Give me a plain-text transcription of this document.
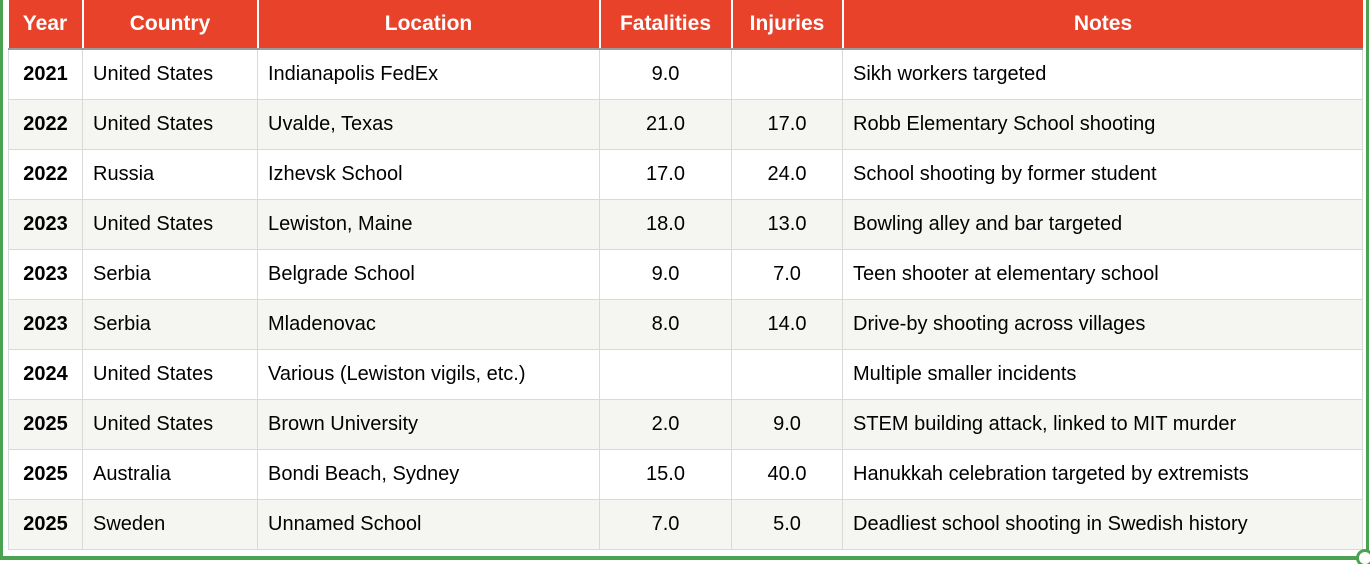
Year	Country	Location	Fatalities	Injuries	Notes
2021	United States	Indianapolis FedEx	9.0		Sikh workers targeted
2022	United States	Uvalde, Texas	21.0	17.0	Robb Elementary School shooting
2022	Russia	Izhevsk School	17.0	24.0	School shooting by former student
2023	United States	Lewiston, Maine	18.0	13.0	Bowling alley and bar targeted
2023	Serbia	Belgrade School	9.0	7.0	Teen shooter at elementary school
2023	Serbia	Mladenovac	8.0	14.0	Drive-by shooting across villages
2024	United States	Various (Lewiston vigils, etc.)			Multiple smaller incidents
2025	United States	Brown University	2.0	9.0	STEM building attack, linked to MIT murder
2025	Australia	Bondi Beach, Sydney	15.0	40.0	Hanukkah celebration targeted by extremists
2025	Sweden	Unnamed School	7.0	5.0	Deadliest school shooting in Swedish history
